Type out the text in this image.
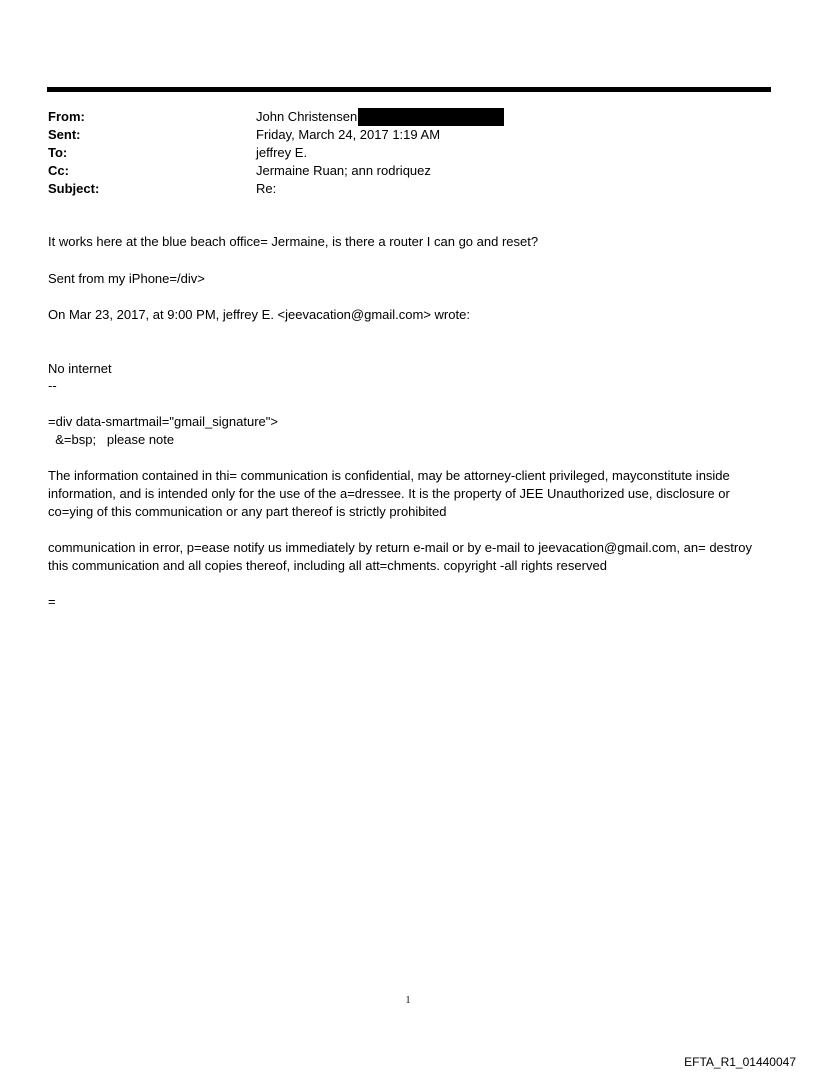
From:	John Christensen
Sent:	Friday, March 24, 2017 1:19 AM
To:	jeffrey E.
Cc:	Jermaine Ruan; ann rodriquez
Subject:	Re:

It works here at the blue beach office= Jermaine, is there a router I can go and reset?

Sent from my iPhone=/div>

On Mar 23, 2017, at 9:00 PM, jeffrey E. <jeevacation@gmail.com> wrote:

No internet

--

=div data-smartmail="gmail_signature">

&=bsp;   please note

The information contained in thi= communication is confidential, may be attorney-client privileged, mayconstitute inside information, and is intended only for the use of the a=dressee. It is the property of JEE Unauthorized use, disclosure or co=ying of this communication or any part thereof is strictly prohibited

communication in error, p=ease notify us immediately by return e-mail or by e-mail to jeevacation@gmail.com, an= destroy this communication and all copies thereof, including all att=chments. copyright -all rights reserved

=

1
EFTA_R1_01440047
